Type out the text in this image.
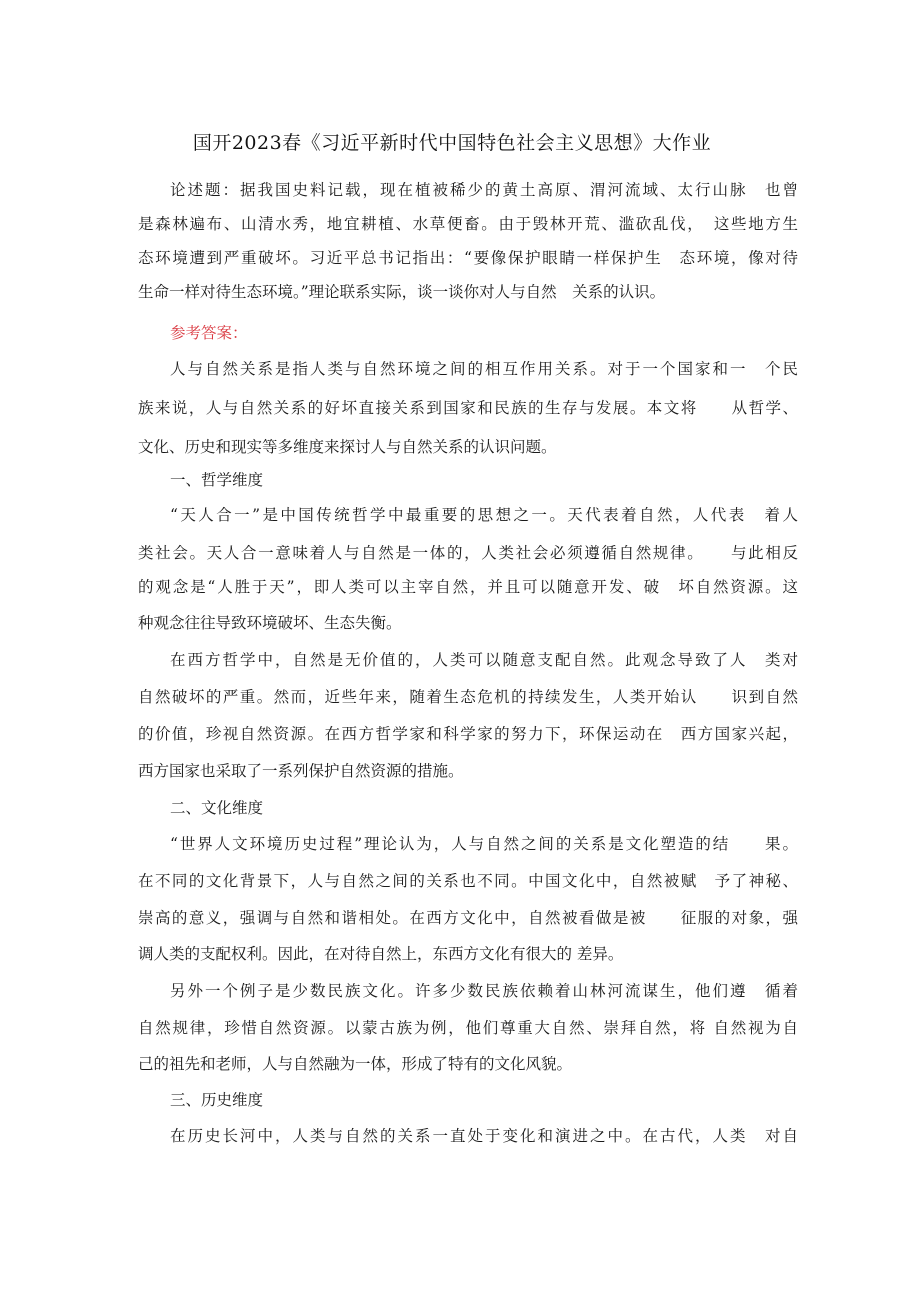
国开2023春《习近平新时代中国特色社会主义思想》大作业
论述题：据我国史料记载，现在植被稀少的黄土高原、渭河流域、太行山脉　也曾
是森林遍布、山清水秀，地宜耕植、水草便畜。由于毁林开荒、滥砍乱伐，　这些地方生
态环境遭到严重破坏。习近平总书记指出：“要像保护眼睛一样保护生　态环境，像对待
生命一样对待生态环境。”理论联系实际，谈一谈你对人与自然　关系的认识。
参考答案：
人与自然关系是指人类与自然环境之间的相互作用关系。对于一个国家和一　个民
族来说，人与自然关系的好坏直接关系到国家和民族的生存与发展。本文将　　从哲学、
文化、历史和现实等多维度来探讨人与自然关系的认识问题。
一、哲学维度
“天人合一”是中国传统哲学中最重要的思想之一。天代表着自然，人代表　着人
类社会。天人合一意味着人与自然是一体的，人类社会必须遵循自然规律。　　与此相反
的观念是“人胜于天”，即人类可以主宰自然，并且可以随意开发、破　坏自然资源。这
种观念往往导致环境破坏、生态失衡。
在西方哲学中，自然是无价值的，人类可以随意支配自然。此观念导致了人　类对
自然破坏的严重。然而，近些年来，随着生态危机的持续发生，人类开始认　　识到自然
的价值，珍视自然资源。在西方哲学家和科学家的努力下，环保运动在　西方国家兴起，
西方国家也采取了一系列保护自然资源的措施。
二、文化维度
“世界人文环境历史过程”理论认为，人与自然之间的关系是文化塑造的结　　果。
在不同的文化背景下，人与自然之间的关系也不同。中国文化中，自然被赋　予了神秘、
崇高的意义，强调与自然和谐相处。在西方文化中，自然被看做是被　　征服的对象，强
调人类的支配权利。因此，在对待自然上，东西方文化有很大的 差异。
另外一个例子是少数民族文化。许多少数民族依赖着山林河流谋生，他们遵　循着
自然规律，珍惜自然资源。以蒙古族为例，他们尊重大自然、崇拜自然，将 自然视为自
己的祖先和老师，人与自然融为一体，形成了特有的文化风貌。
三、历史维度
在历史长河中，人类与自然的关系一直处于变化和演进之中。在古代，人类　对自
